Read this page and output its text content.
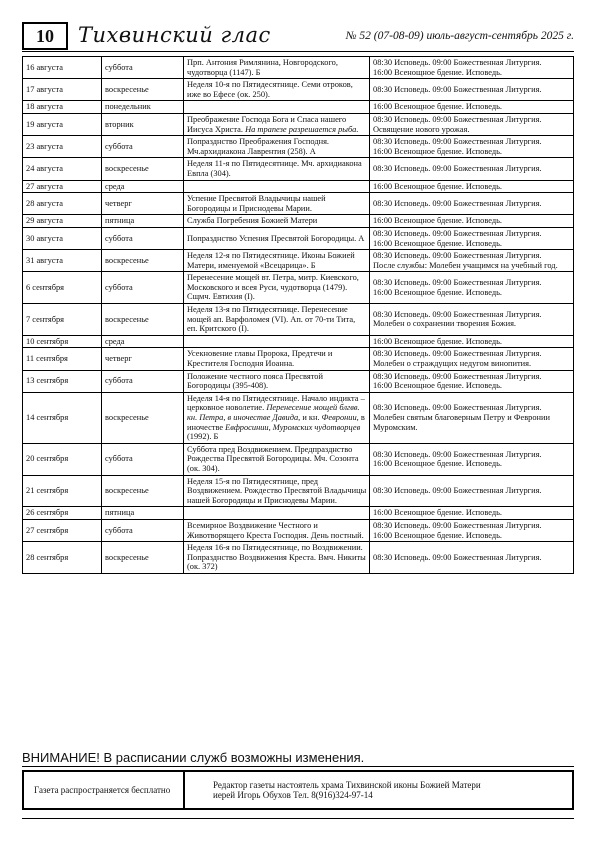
10	Тихвинский глас	№ 52 (07-08-09) июль-август-сентябрь 2025 г.
16 августа	суббота	Прп. Антония Римлянина, Новгородского, чудотворца (1147). Б	08:30 Исповедь. 09:00 Божественная Литургия.
16:00 Всенощное бдение. Исповедь.

17 августа	воскресенье	Неделя 10-я по Пятидесятнице. Семи отроков, иже во Ефесе (ок. 250).	08:30 Исповедь. 09:00 Божественная Литургия.

18 августа	понедельник		16:00 Всенощное бдение. Исповедь.

19 августа	вторник	Преображение Господа Бога и Спаса нашего Иисуса Христа. На трапезе разрешается рыба.	08:30 Исповедь. 09:00 Божественная Литургия.
Освящение нового урожая.

23 августа	суббота	Попразднство Преображения Господня. Мч.архидиакона Лаврентия (258). А	08:30 Исповедь. 09:00 Божественная Литургия.
16:00 Всенощное бдение. Исповедь.

24 августа	воскресенье	Неделя 11-я по Пятидесятнице. Мч. архидиакона Евпла (304).	08:30 Исповедь. 09:00 Божественная Литургия.

27 августа	среда		16:00 Всенощное бдение. Исповедь.

28 августа	четверг	Успение Пресвятой Владычицы нашей Богородицы и Приснодевы Марии.	08:30 Исповедь. 09:00 Божественная Литургия.

29 августа	пятница	Служба Погребения Божией Матери	16:00 Всенощное бдение. Исповедь.

30 августа	суббота	Попразднство Успения Пресвятой Богородицы. А	08:30 Исповедь. 09:00 Божественная Литургия.
16:00 Всенощное бдение. Исповедь.

31 августа	воскресенье	Неделя 12-я по Пятидесятнице. Иконы Божией Матери, именуемой «Всецарица». Б	08:30 Исповедь. 09:00 Божественная Литургия.
После службы: Молебен учащимся на учебный год.

6 сентября	суббота	Перенесение мощей вт. Петра, митр. Киевского, Московского и всея Руси, чудотворца (1479). Сщмч. Евтихия (I).	08:30 Исповедь. 09:00 Божественная Литургия.
16:00 Всенощное бдение. Исповедь.

7 сентября	воскресенье	Неделя 13-я по Пятидесятнице. Перенесение мощей ап. Варфоломея (VI). Ап. от 70-ти Тита, еп. Критского (I).	08:30 Исповедь. 09:00 Божественная Литургия.
Молебен о сохранении творения Божия.

10 сентября	среда		16:00 Всенощное бдение. Исповедь.

11 сентября	четверг	Усекновение главы Пророка, Предтечи и Крестителя Господня Иоанна.	08:30 Исповедь. 09:00 Божественная Литургия.
Молебен о страждущих недугом винопития.

13 сентября	суббота	Положение честного пояса Пресвятой Богородицы (395-408).	08:30 Исповедь. 09:00 Божественная Литургия.
16:00 Всенощное бдение. Исповедь.

14 сентября	воскресенье	Неделя 14-я по Пятидесятнице. Начало индикта – церковное новолетие. Перенесение мощей блгвв. кн. Петра, в иночестве Давида, и кн. Февронии, в иночестве Евфросинии, Муромских чудотворцев (1992). Б	08:30 Исповедь. 09:00 Божественная Литургия.
Молебен святым благоверным Петру и Февронии Муромским.

20 сентября	суббота	Суббота пред Воздвижением. Предпразднство Рождества Пресвятой Богородицы. Мч. Созонта (ок. 304).	08:30 Исповедь. 09:00 Божественная Литургия.
16:00 Всенощное бдение. Исповедь.

21 сентября	воскресенье	Неделя 15-я по Пятидесятнице, пред Воздвижением. Рождество Пресвятой Владычицы нашей Богородицы и Приснодевы Марии.	08:30 Исповедь. 09:00 Божественная Литургия.

26 сентября	пятница		16:00 Всенощное бдение. Исповедь.

27 сентября	суббота	Всемирное Воздвижение Честного и Животворящего Креста Господня. День постный.	08:30 Исповедь. 09:00 Божественная Литургия.
16:00 Всенощное бдение. Исповедь.

28 сентября	воскресенье	Неделя 16-я по Пятидесятнице, по Воздвижении. Попразднство Воздвижения Креста. Вмч. Никиты (ок. 372)	08:30 Исповедь. 09:00 Божественная Литургия.
ВНИМАНИЕ! В расписании служб возможны изменения.
Газета распространяется бесплатно	Редактор газеты настоятель храма Тихвинской иконы Божией Матери
иерей Игорь Обухов Тел. 8(916)324-97-14
